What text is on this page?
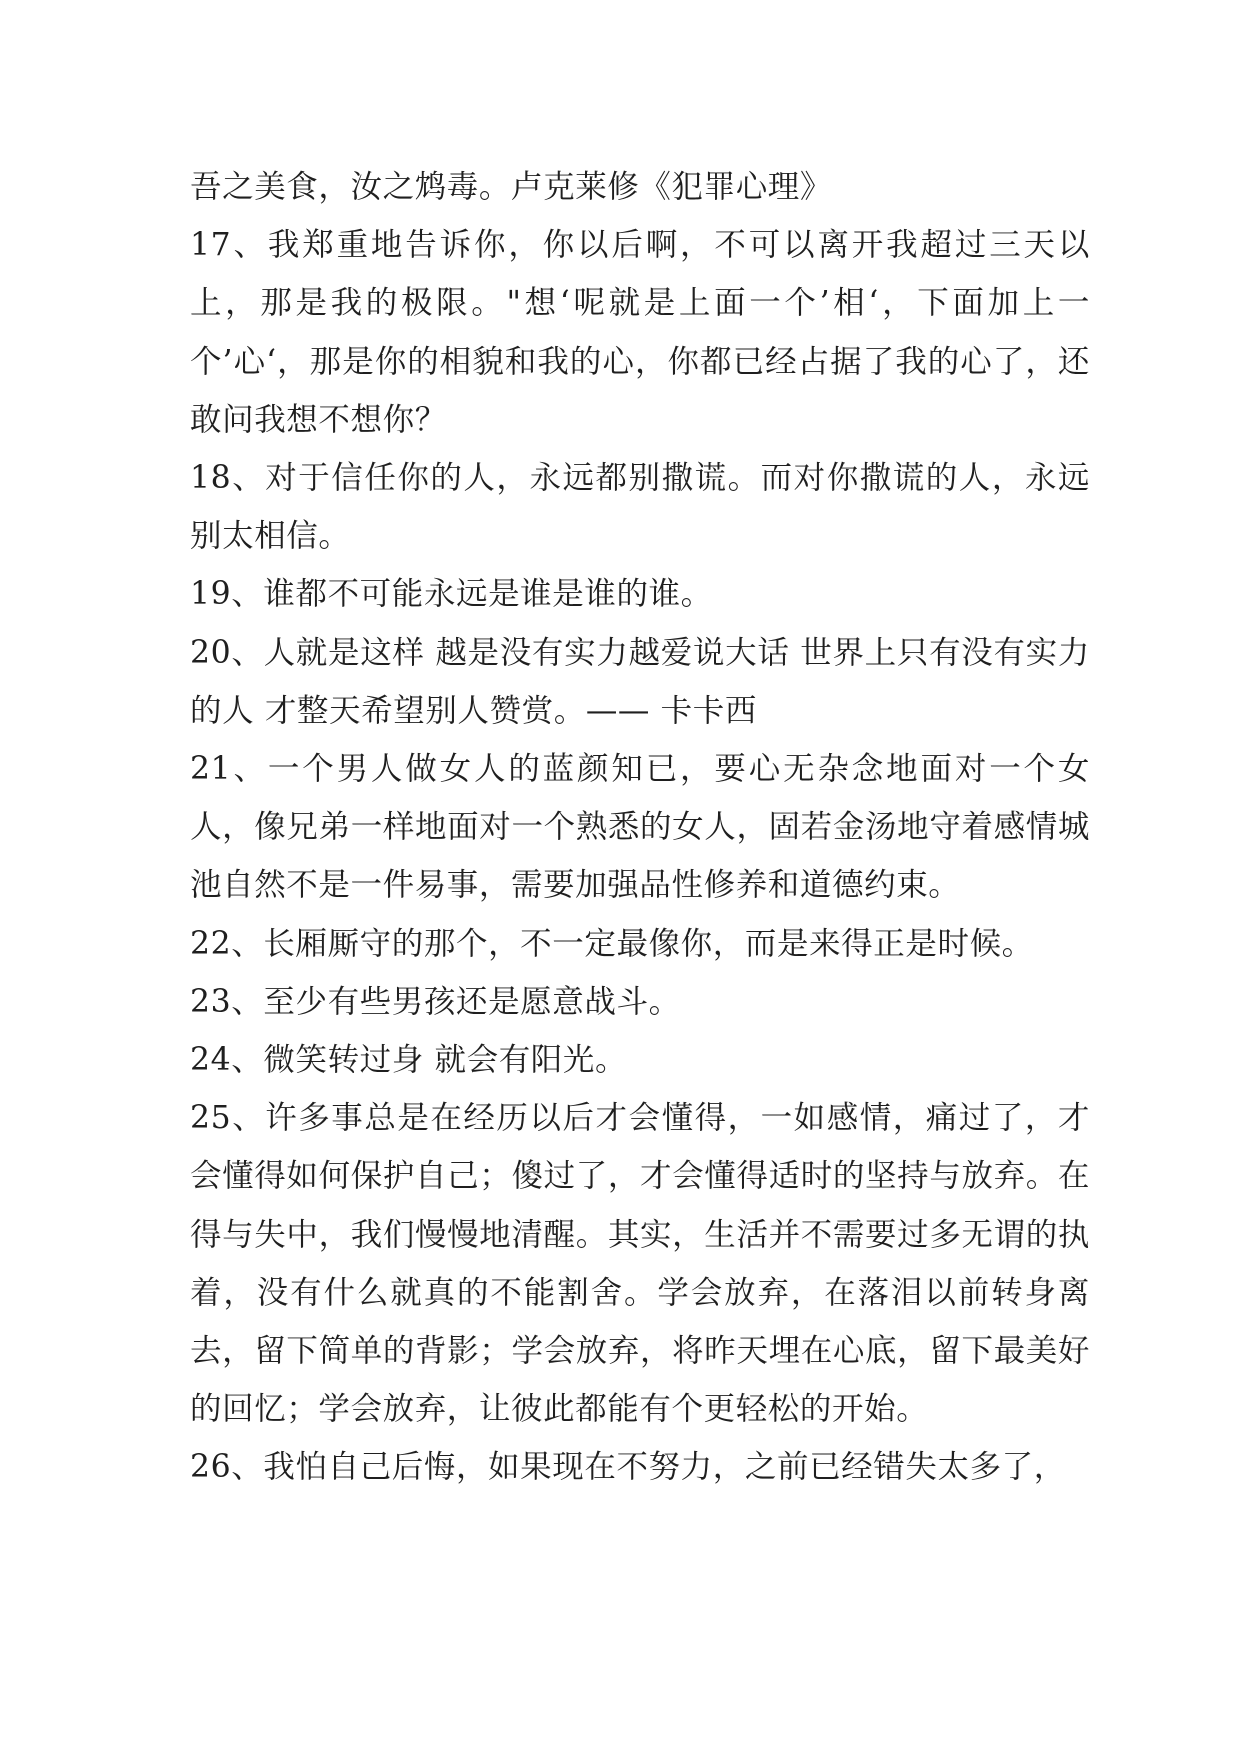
吾之美食，汝之鸩毒。卢克莱修《犯罪心理》

17、我郑重地告诉你，你以后啊，不可以离开我超过三天以上，那是我的极限。"想‘呢就是上面一个’相‘，下面加上一个’心‘，那是你的相貌和我的心，你都已经占据了我的心了，还敢问我想不想你？

18、对于信任你的人，永远都别撒谎。而对你撒谎的人，永远别太相信。

19、谁都不可能永远是谁是谁的谁。

20、人就是这样 越是没有实力越爱说大话 世界上只有没有实力的人 才整天希望别人赞赏。—— 卡卡西

21、一个男人做女人的蓝颜知已，要心无杂念地面对一个女人，像兄弟一样地面对一个熟悉的女人，固若金汤地守着感情城池自然不是一件易事，需要加强品性修养和道德约束。

22、长厢厮守的那个，不一定最像你，而是来得正是时候。

23、至少有些男孩还是愿意战斗。

24、微笑转过身 就会有阳光。

25、许多事总是在经历以后才会懂得，一如感情，痛过了，才会懂得如何保护自己；傻过了，才会懂得适时的坚持与放弃。在得与失中，我们慢慢地清醒。其实，生活并不需要过多无谓的执着，没有什么就真的不能割舍。学会放弃，在落泪以前转身离去，留下简单的背影；学会放弃，将昨天埋在心底，留下最美好的回忆；学会放弃，让彼此都能有个更轻松的开始。

26、我怕自己后悔，如果现在不努力，之前已经错失太多了，
